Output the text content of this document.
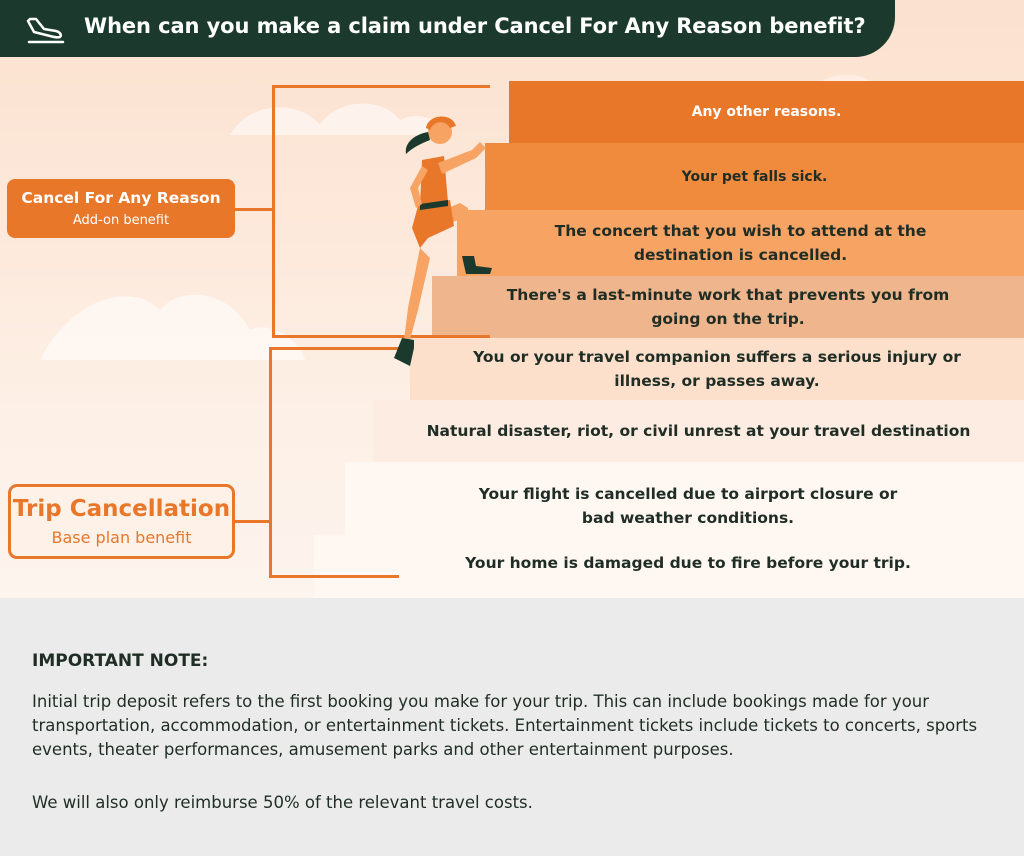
Your flight is cancelled due to airport closure or
bad weather conditions.
Your home is damaged due to fire before your trip.
Natural disaster, riot, or civil unrest at your travel destination
You or your travel companion suffers a serious injury or
illness, or passes away.
There's a last-minute work that prevents you from
going on the trip.
The concert that you wish to attend at the
destination is cancelled.
Your pet falls sick.
Any other reasons.
Cancel For Any Reason
Add-on benefit
Trip Cancellation
Base plan benefit
When can you make a claim under Cancel For Any Reason benefit?
IMPORTANT NOTE:
Initial trip deposit refers to the first booking you make for your trip. This can include bookings made for your transportation, accommodation, or entertainment tickets. Entertainment tickets include tickets to concerts, sports events, theater performances, amusement parks and other entertainment purposes.
We will also only reimburse 50% of the relevant travel costs.
